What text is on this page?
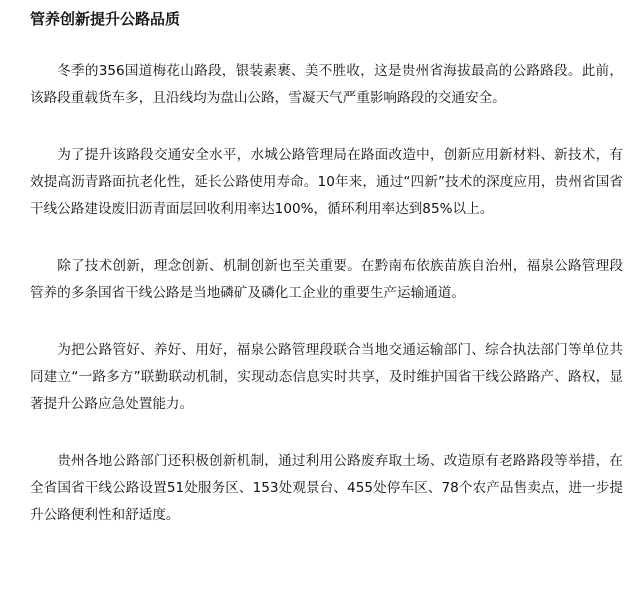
管养创新提升公路品质

冬季的356国道梅花山路段，银装素裹、美不胜收，这是贵州省海拔最高的公路路段。此前，该路段重载货车多，且沿线均为盘山公路，雪凝天气严重影响路段的交通安全。

为了提升该路段交通安全水平，水城公路管理局在路面改造中，创新应用新材料、新技术，有效提高沥青路面抗老化性，延长公路使用寿命。10年来，通过“四新”技术的深度应用，贵州省国省干线公路建设废旧沥青面层回收利用率达100%，循环利用率达到85%以上。

除了技术创新，理念创新、机制创新也至关重要。在黔南布依族苗族自治州，福泉公路管理段管养的多条国省干线公路是当地磷矿及磷化工企业的重要生产运输通道。

为把公路管好、养好、用好，福泉公路管理段联合当地交通运输部门、综合执法部门等单位共同建立“一路多方”联勤联动机制，实现动态信息实时共享，及时维护国省干线公路路产、路权，显著提升公路应急处置能力。

贵州各地公路部门还积极创新机制，通过利用公路废弃取土场、改造原有老路路段等举措，在全省国省干线公路设置51处服务区、153处观景台、455处停车区、78个农产品售卖点，进一步提升公路便利性和舒适度。
